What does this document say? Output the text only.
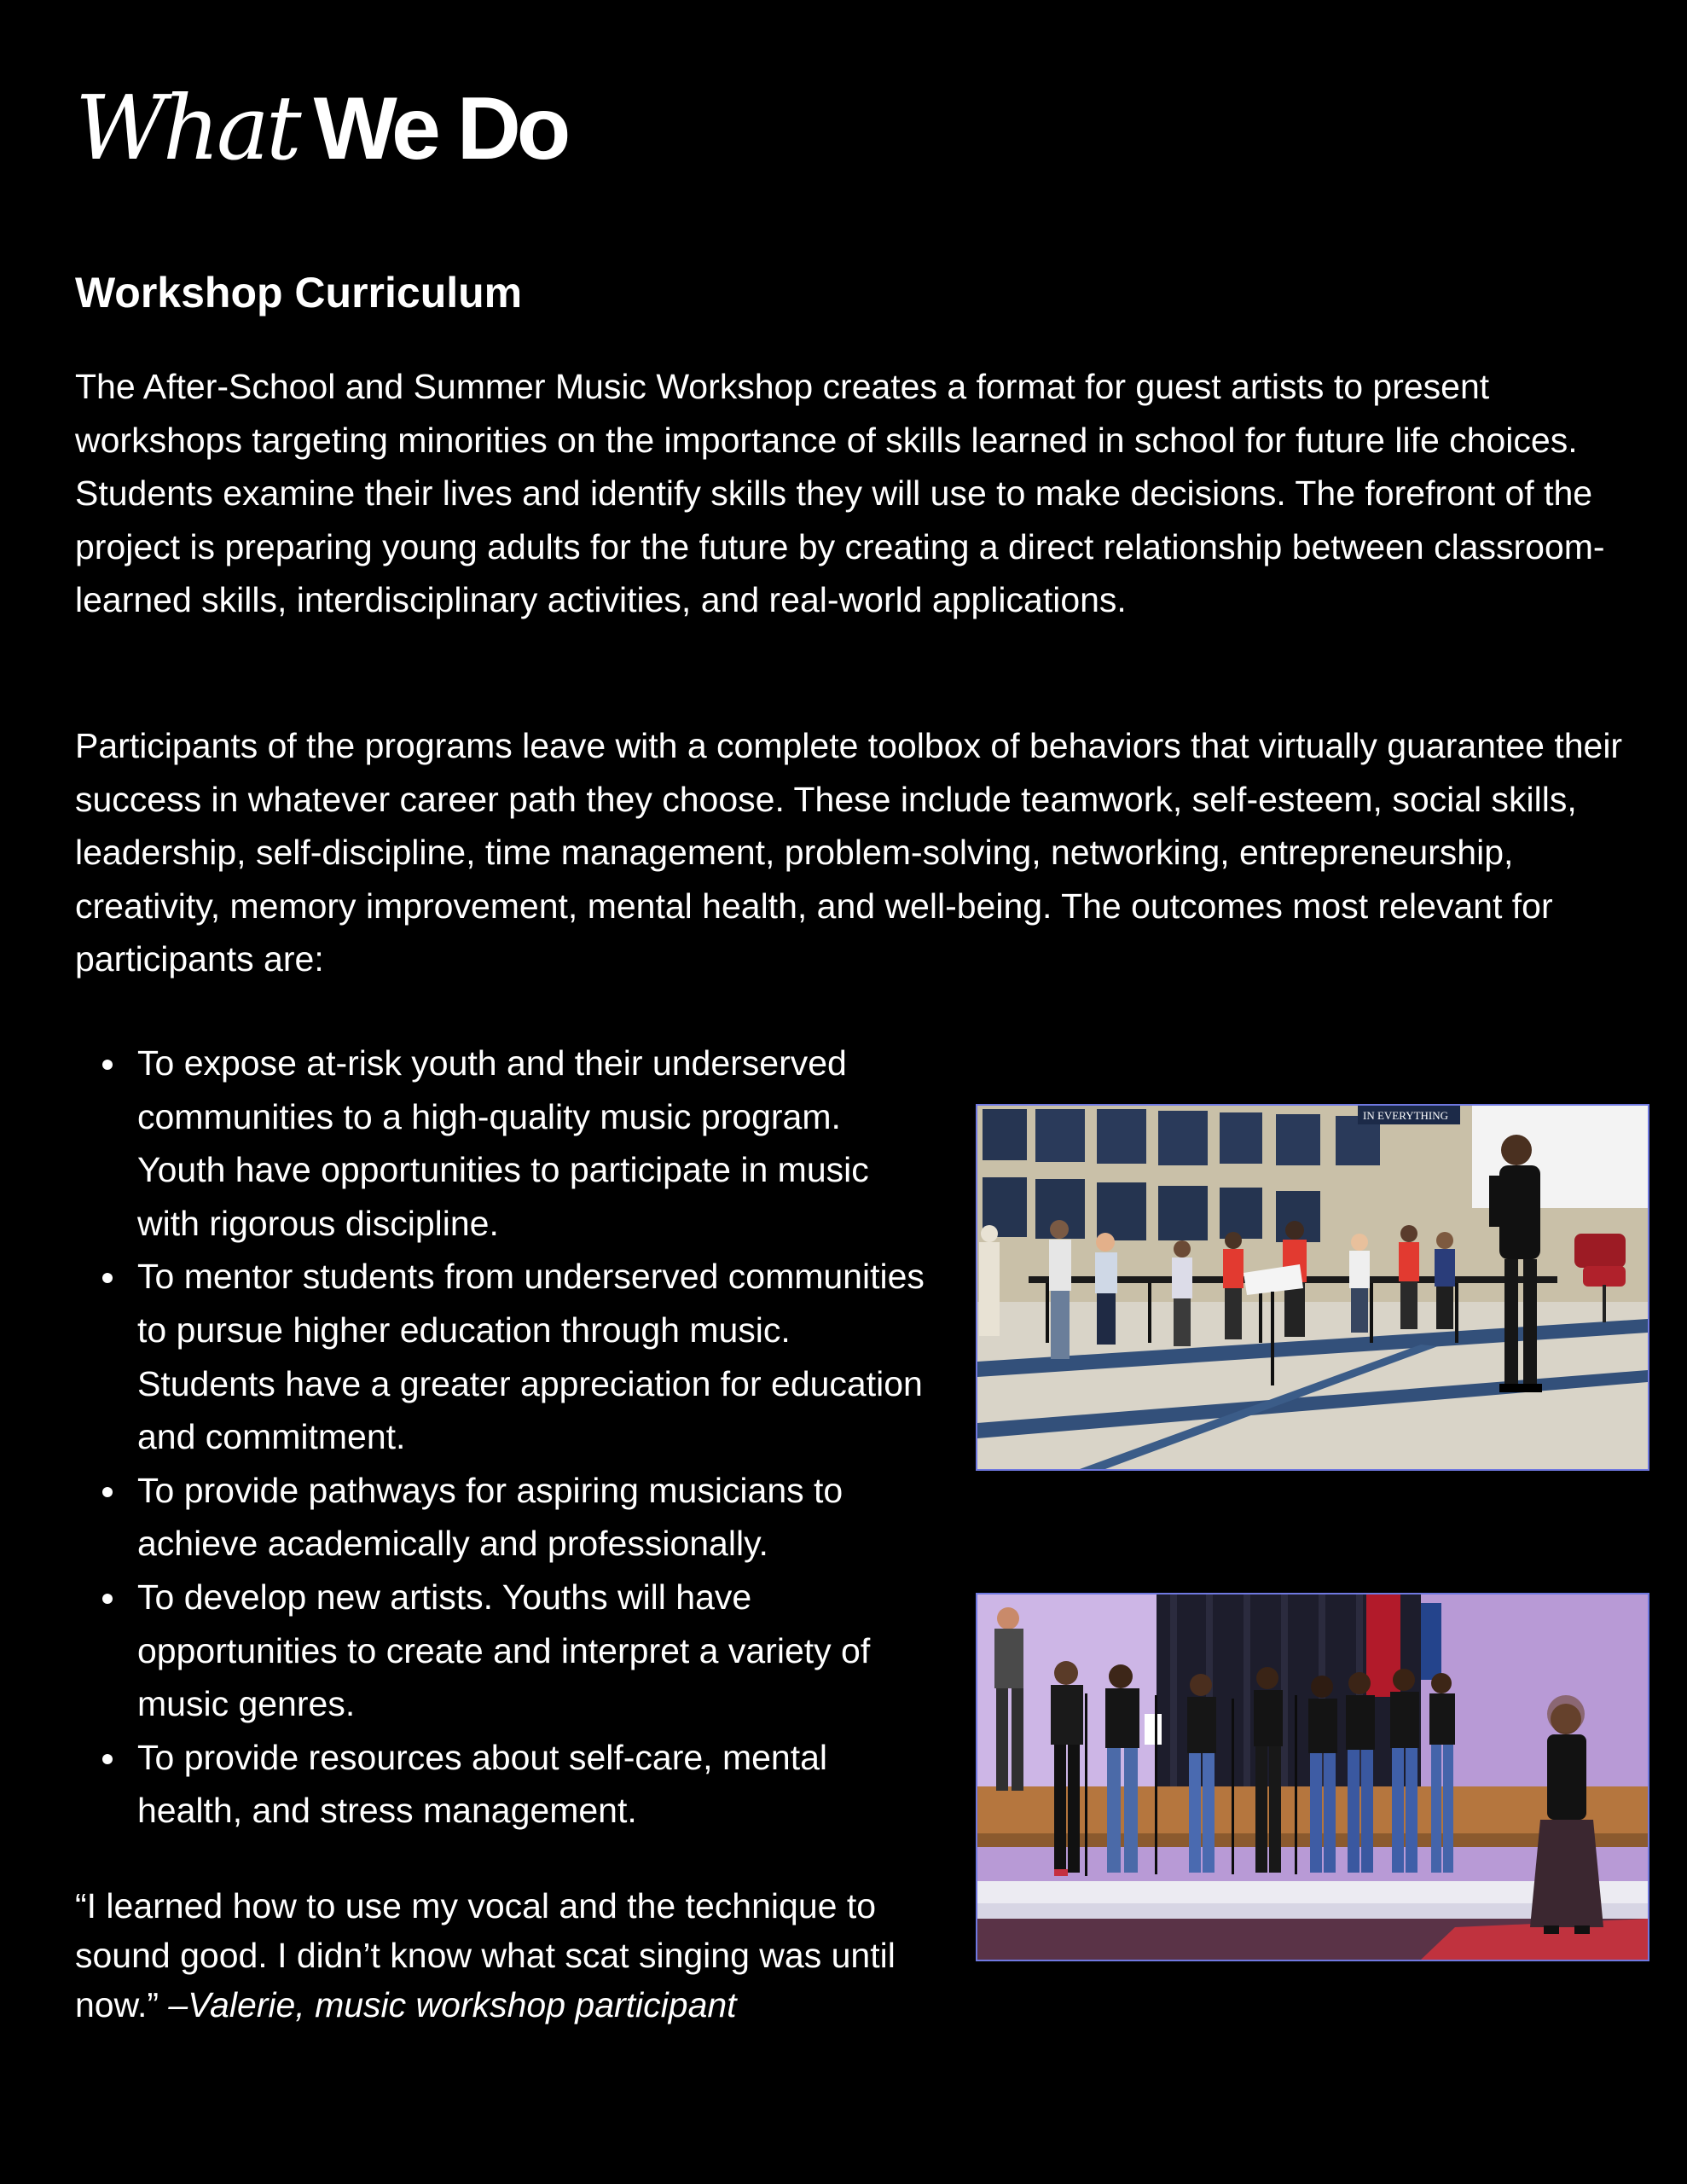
What We Do
Workshop Curriculum

The After-School and Summer Music Workshop creates a format for guest artists to present workshops targeting minorities on the importance of skills learned in school for future life choices. Students examine their lives and identify skills they will use to make decisions. The forefront of the project is preparing young adults for the future by creating a direct relationship between classroom-learned skills, interdisciplinary activities, and real-world applications.

Participants of the programs leave with a complete toolbox of behaviors that virtually guarantee their success in whatever career path they choose. These include teamwork, self-esteem, social skills, leadership, self-discipline, time management, problem-solving, networking, entrepreneurship, creativity, memory improvement, mental health, and well-being. The outcomes most relevant for participants are:

To expose at-risk youth and their underserved communities to a high-quality music program. Youth have opportunities to participate in music with rigorous discipline.
To mentor students from underserved communities to pursue higher education through music. Students have a greater appreciation for education and commitment.
To provide pathways for aspiring musicians to achieve academically and professionally.
To develop new artists. Youths will have opportunities to create and interpret a variety of music genres.
To provide resources about self-care, mental health, and stress management.

“I learned how to use my vocal and the technique to sound good. I didn’t know what scat singing was until now.” –Valerie, music workshop participant

IN EVERYTHING
